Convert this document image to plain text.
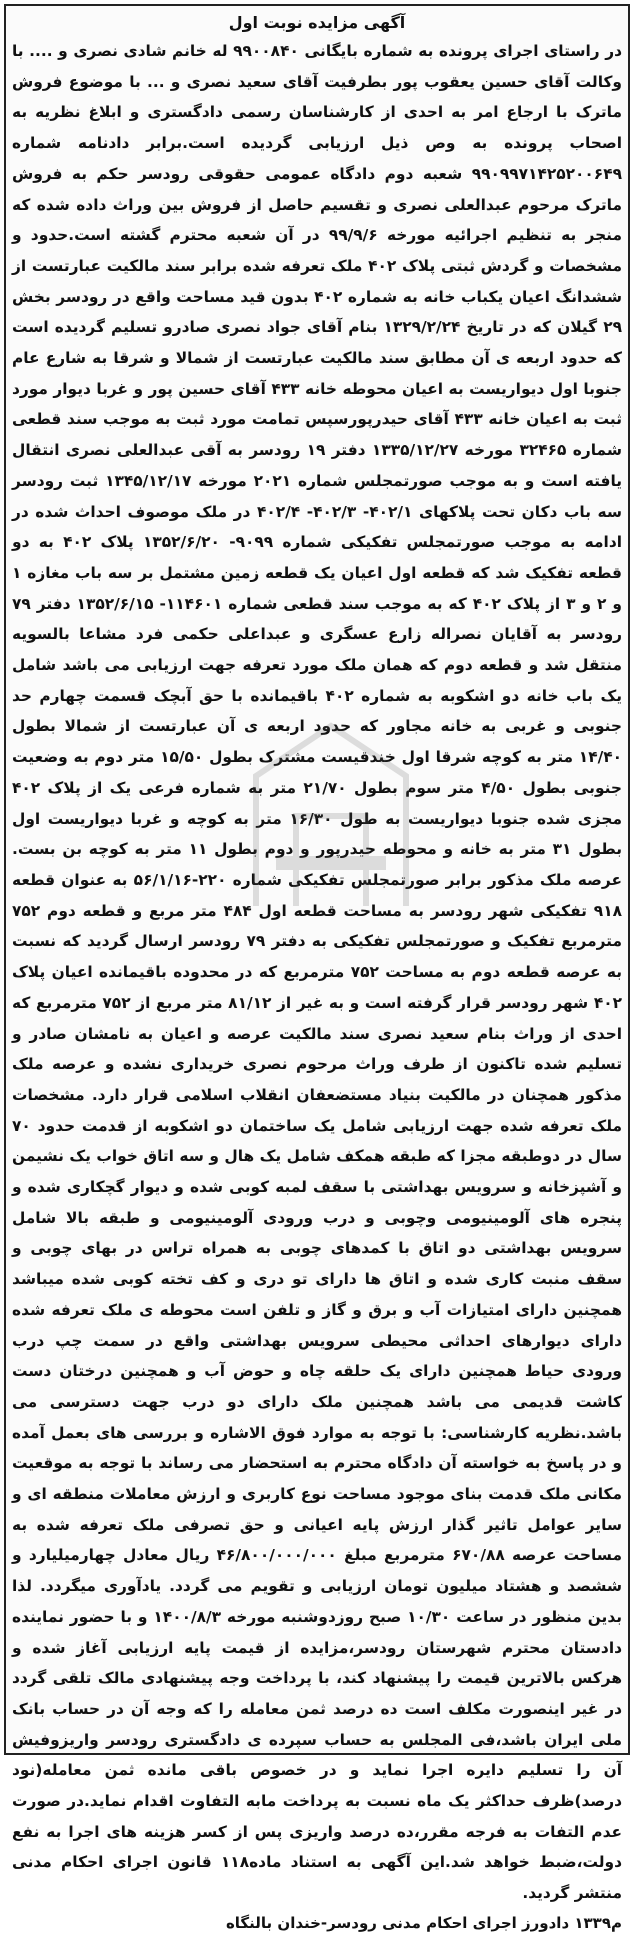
آگهی مزایده نوبت اول

در راستای اجرای پرونده به شماره بایگانی ۹۹۰۰۸۴۰ له خانم شادی نصری و .... با وکالت آقای حسین یعقوب پور بطرفیت آقای سعید نصری و ... با موضوع فروش ماترک با ارجاع امر به احدی از کارشناسان رسمی دادگستری و ابلاغ نظریه به اصحاب پرونده به وص ذیل ارزیابی گردیده است.برابر دادنامه شماره ۹۹۰۹۹۷۱۴۲۵۲۰۰۶۴۹ شعبه دوم دادگاه عمومی حقوقی رودسر حکم به فروش ماترک مرحوم عبدالعلی نصری و تقسیم حاصل از فروش بین وراث داده شده که منجر به تنظیم اجرائیه مورخه ۹۹/۹/۶ در آن شعبه محترم گشته است.حدود و مشخصات و گردش ثبتی پلاک ۴۰۲ ملک تعرفه شده برابر سند مالکیت عبارتست از ششدانگ اعیان یکباب خانه به شماره ۴۰۲ بدون قید مساحت واقع در رودسر بخش ۲۹ گیلان که در تاریخ ۱۳۲۹/۲/۲۴ بنام آقای جواد نصری صادرو تسلیم گردیده است که حدود اربعه ی آن مطابق سند مالکیت عبارتست از شمالا و شرقا به شارع عام جنوبا اول دیواریست به اعیان محوطه خانه ۴۳۳ آقای حسین پور و غربا دیوار مورد ثبت به اعیان خانه ۴۳۳ آقای حیدرپورسپس تمامت مورد ثبت به موجب سند قطعی شماره ۳۲۴۶۵ مورخه ۱۳۳۵/۱۲/۲۷ دفتر ۱۹ رودسر به آقی عبدالعلی نصری انتقال یافته است و به موجب صورتمجلس شماره ۲۰۲۱ مورخه ۱۳۴۵/۱۲/۱۷ ثبت رودسر سه باب دکان تحت پلاکهای ۴۰۲/۱- ۴۰۲/۳- ۴۰۲/۴ در ملک موصوف احداث شده در ادامه به موجب صورتمجلس تفکیکی شماره ۹۰۹۹- ۱۳۵۲/۶/۲۰ پلاک ۴۰۲ به دو قطعه تفکیک شد که قطعه اول اعیان یک قطعه زمین مشتمل بر سه باب مغازه ۱ و ۲ و ۳ از پلاک ۴۰۲ که به موجب سند قطعی شماره ۱۱۴۶۰۱- ۱۳۵۲/۶/۱۵ دفتر ۷۹ رودسر به آقایان نصراله زارع عسگری و عبداعلی حکمی فرد مشاعا بالسویه منتقل شد و قطعه دوم که همان ملک مورد تعرفه جهت ارزیابی می باشد شامل یک باب خانه دو اشکوبه به شماره ۴۰۲ باقیمانده با حق آبچک قسمت چهارم حد جنوبی و غربی به خانه مجاور که حدود اربعه ی آن عبارتست از شمالا بطول ۱۴/۴۰ متر به کوچه شرقا اول خندقیست مشترک بطول ۱۵/۵۰ متر دوم به وضعیت جنوبی بطول ۴/۵۰ متر سوم بطول ۲۱/۷۰ متر به شماره فرعی یک از پلاک ۴۰۲ مجزی شده جنوبا دیواریست به طول ۱۶/۳۰ متر به کوچه و غربا دیواریست اول بطول ۳۱ متر به خانه و محوطه حیدرپور و دوم بطول ۱۱ متر به کوچه بن بست. عرصه ملک مذکور برابر صورتمجلس تفکیکی شماره ۲۲۰-۵۶/۱/۱۶ به عنوان قطعه ۹۱۸ تفکیکی شهر رودسر به مساحت قطعه اول ۴۸۴ متر مربع و قطعه دوم ۷۵۲ مترمربع تفکیک و صورتمجلس تفکیکی به دفتر ۷۹ رودسر ارسال گردید که نسبت به عرصه قطعه دوم به مساحت ۷۵۲ مترمربع که در محدوده باقیمانده اعیان پلاک ۴۰۲ شهر رودسر قرار گرفته است و به غیر از ۸۱/۱۲ متر مربع از ۷۵۲ مترمربع که احدی از وراث بنام سعید نصری سند مالکیت عرصه و اعیان به نامشان صادر و تسلیم شده تاکنون از طرف وراث مرحوم نصری خریداری نشده و عرصه ملک مذکور همچنان در مالکیت بنیاد مستضعفان انقلاب اسلامی قرار دارد. مشخصات ملک تعرفه شده جهت ارزیابی شامل یک ساختمان دو اشکوبه از قدمت حدود ۷۰ سال در دوطبقه مجزا که طبقه همکف شامل یک هال و سه اتاق خواب یک نشیمن و آشپزخانه و سرویس بهداشتی با سقف لمبه کوبی شده و دیوار گچکاری شده و پنجره های آلومینیومی وچوبی و درب ورودی آلومینیومی و طبقه بالا شامل سرویس بهداشتی دو اتاق با کمدهای چوبی به همراه تراس در بهای چوبی و سقف منبت کاری شده و اتاق ها دارای تو دری و کف تخته کوبی شده میباشد همچنین دارای امتیازات آب و برق و گاز و تلفن است محوطه ی ملک تعرفه شده دارای دیوارهای احداثی محیطی سرویس بهداشتی واقع در سمت چپ درب ورودی حیاط همچنین دارای یک حلقه چاه و حوض آب و همچنین درختان دست کاشت قدیمی می باشد همچنین ملک دارای دو درب جهت دسترسی می باشد.نظریه کارشناسی: با توجه به موارد فوق الاشاره و بررسی های بعمل آمده و در پاسخ به خواسته آن دادگاه محترم به استحضار می رساند با توجه به موقعیت مکانی ملک قدمت بنای موجود مساحت نوع کاربری و ارزش معاملات منطقه ای و سایر عوامل تاثیر گذار ارزش پایه اعیانی و حق تصرفی ملک تعرفه شده به مساحت عرصه ۶۷۰/۸۸ مترمربع مبلغ ۴۶/۸۰۰/۰۰۰/۰۰۰ ریال معادل چهارمیلیارد و ششصد و هشتاد میلیون تومان ارزیابی و تقویم می گردد. یادآوری میگردد. لذا بدین منظور در ساعت ۱۰/۳۰ صبح روزدوشنبه مورخه ۱۴۰۰/۸/۳ و با حضور نماینده دادستان محترم شهرستان رودسر،مزایده از قیمت پایه ارزیابی آغاز شده و هرکس بالاترین قیمت را پیشنهاد کند، با پرداخت وجه پیشنهادی مالک تلقی گردد در غیر اینصورت مکلف است ده درصد ثمن معامله را که وجه آن در حساب بانک ملی ایران باشد،فی المجلس به حساب سپرده ی دادگستری رودسر واریزوفیش آن را تسلیم دایره اجرا نماید و در خصوص باقی مانده ثمن معامله(نود درصد)ظرف حداکثر یک ماه نسبت به پرداخت مابه التفاوت اقدام نماید.در صورت عدم التفات به فرجه مقرر،ده درصد واریزی پس از کسر هزینه های اجرا به نفع دولت،ضبط خواهد شد.این آگهی به استناد ماده۱۱۸ قانون اجرای احکام مدنی منتشر گردید.

م۱۳۳۹ دادورز اجرای احکام مدنی رودسر-خندان بالنگاه
